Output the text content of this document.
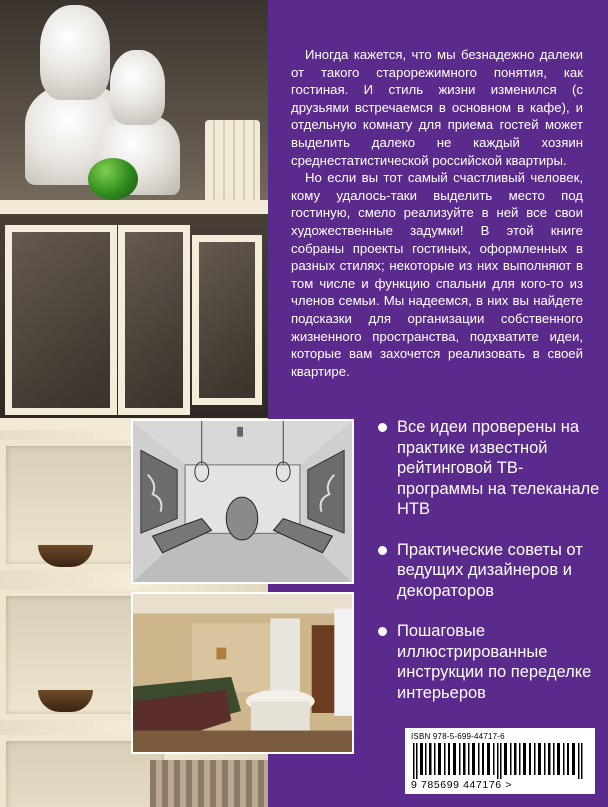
Иногда кажется, что мы безнадежно далеки от такого старорежимного понятия, как гостиная. И стиль жизни изменился (с друзьями встречаемся в основном в кафе), и отдельную комнату для приема гостей может выделить далеко не каждый хозяин среднестатистической российской квартиры.

Но если вы тот самый счастливый человек, кому удалось-таки выделить место под гостиную, смело реализуйте в ней все свои художественные задумки! В этой книге собраны проекты гостиных, оформленных в разных стилях; некоторые из них выполняют в том числе и функцию спальни для кого-то из членов семьи. Мы надеемся, в них вы найдете подсказки для организации собственного жизненного пространства, подхватите идеи, которые вам захочется реализовать в своей квартире.

Все идеи проверены на практике известной рейтинговой ТВ-программы на телеканале НТВ
Практические советы от ведущих дизайнеров и декораторов
Пошаговые иллюстрированные инструкции по переделке интерьеров

ISBN 978-5-699-44717-6

9 785699 447176 >
